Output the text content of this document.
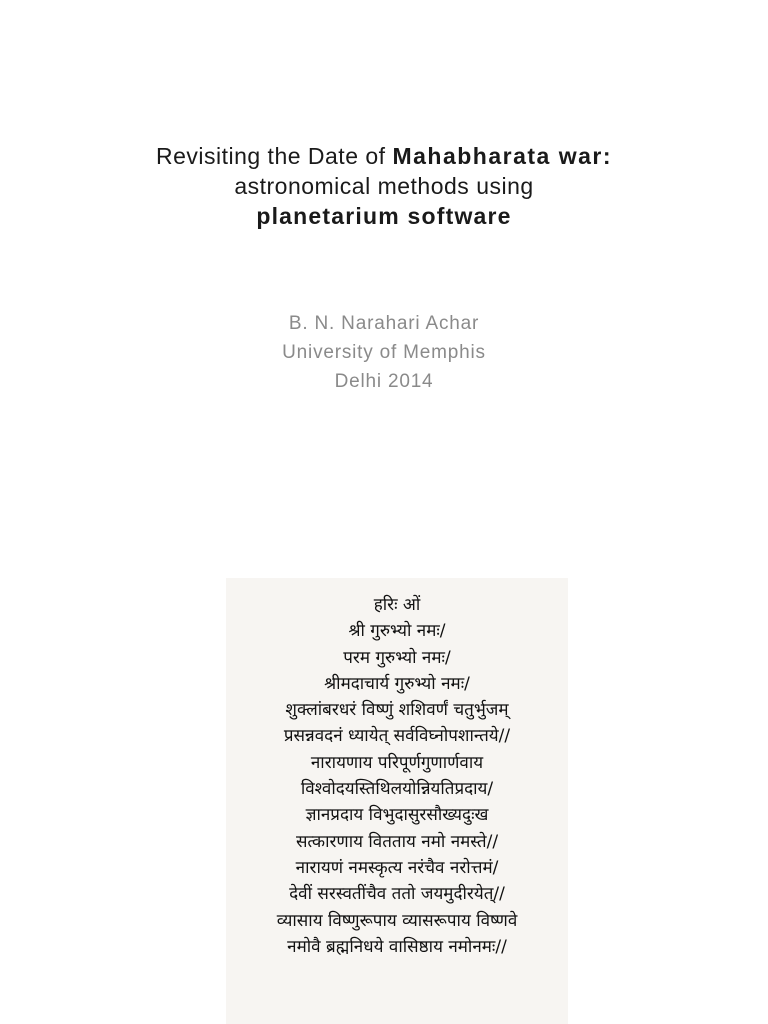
Revisiting the Date of Mahabharata war:
astronomical methods using
planetarium software
B. N. Narahari Achar
University of Memphis
Delhi 2014
हरिः ओं
श्री गुरुभ्यो नमः/
परम गुरुभ्यो नमः/
श्रीमदाचार्य गुरुभ्यो नमः/
शुक्लांबरधरं विष्णुं शशिवर्णं चतुर्भुजम्
प्रसन्नवदनं ध्यायेत् सर्वविघ्नोपशान्तये//
नारायणाय परिपूर्णगुणार्णवाय
विश्वोदयस्तिथिलयोन्नियतिप्रदाय/
ज्ञानप्रदाय विभुदासुरसौख्यदुःख
सत्कारणाय वितताय नमो नमस्ते//
नारायणं नमस्कृत्य नरंचैव नरोत्तमं/
देवीं सरस्वतींचैव ततो जयमुदीरयेत्//
व्यासाय विष्णुरूपाय व्यासरूपाय विष्णवे
नमोवै ब्रह्मनिधये वासिष्ठाय नमोनमः//
